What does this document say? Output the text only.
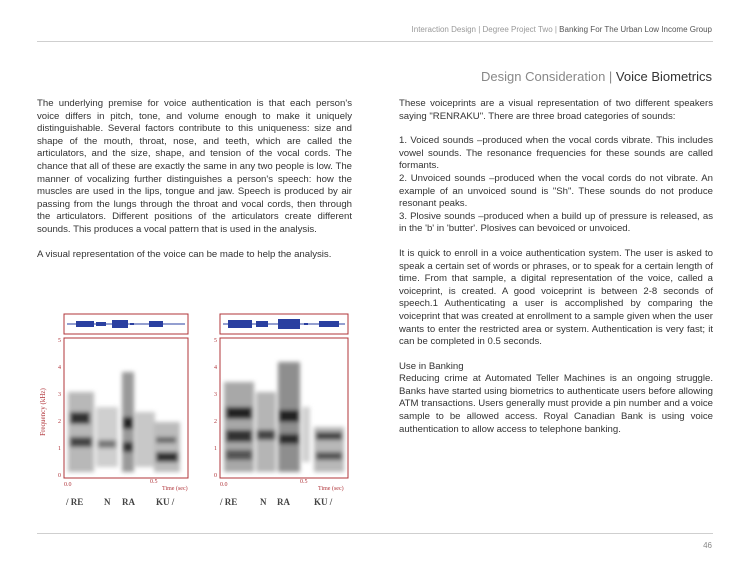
Interaction Design | Degree Project Two | Banking For The Urban Low Income Group
Design Consideration | Voice Biometrics

The underlying premise for voice authentication is that each person's voice differs in pitch, tone, and volume enough to make it uniquely distinguishable. Several factors contribute to this uniqueness: size and shape of the mouth, throat, nose, and teeth, which are called the articulators, and the size, shape, and tension of the vocal cords. The chance that all of these are exactly the same in any two people is low. The manner of vocalizing further distinguishes a person's speech: how the muscles are used in the lips, tongue and jaw. Speech is produced by air passing from the lungs through the throat and vocal cords, then through the articulators. Different positions of the articulators create different sounds. This produces a vocal pattern that is used in the analysis.

A visual representation of the voice can be made to help the analysis.

Frequency (kHz)
5
4
3
2
1
0
0.0	0.5
Time (sec)
/ RE N RA KU /
5
4
3
2
1
0
0.0	0.5
Time (sec)
/ RE	N RA	KU /

These voiceprints are a visual representation of two different speakers saying "RENRAKU". There are three broad categories of sounds:

1. Voiced sounds –produced when the vocal cords vibrate. This includes vowel sounds. The resonance frequencies for these sounds are called formants.
2. Unvoiced sounds –produced when the vocal cords do not vibrate. An example of an unvoiced sound is "Sh". These sounds do not produce resonant peaks.
3. Plosive sounds –produced when a build up of pressure is released, as in the 'b' in 'butter'. Plosives can bevoiced or unvoiced.

It is quick to enroll in a voice authentication system. The user is asked to speak a certain set of words or phrases, or to speak for a certain length of time. From that sample, a digital representation of the voice, called a voiceprint, is created. A good voiceprint is between 2-8 seconds of speech.1 Authenticating a user is accomplished by comparing the voiceprint that was created at enrollment to a sample given when the user wants to enter the restricted area or system. Authentication is very fast; it can be completed in 0.5 seconds.

Use in Banking

Reducing crime at Automated Teller Machines is an ongoing struggle. Banks have started using biometrics to authenticate users before allowing ATM transactions. Users generally must provide a pin number and a voice sample to be allowed access. Royal Canadian Bank is using voice authentication to allow access to telephone banking.

46
